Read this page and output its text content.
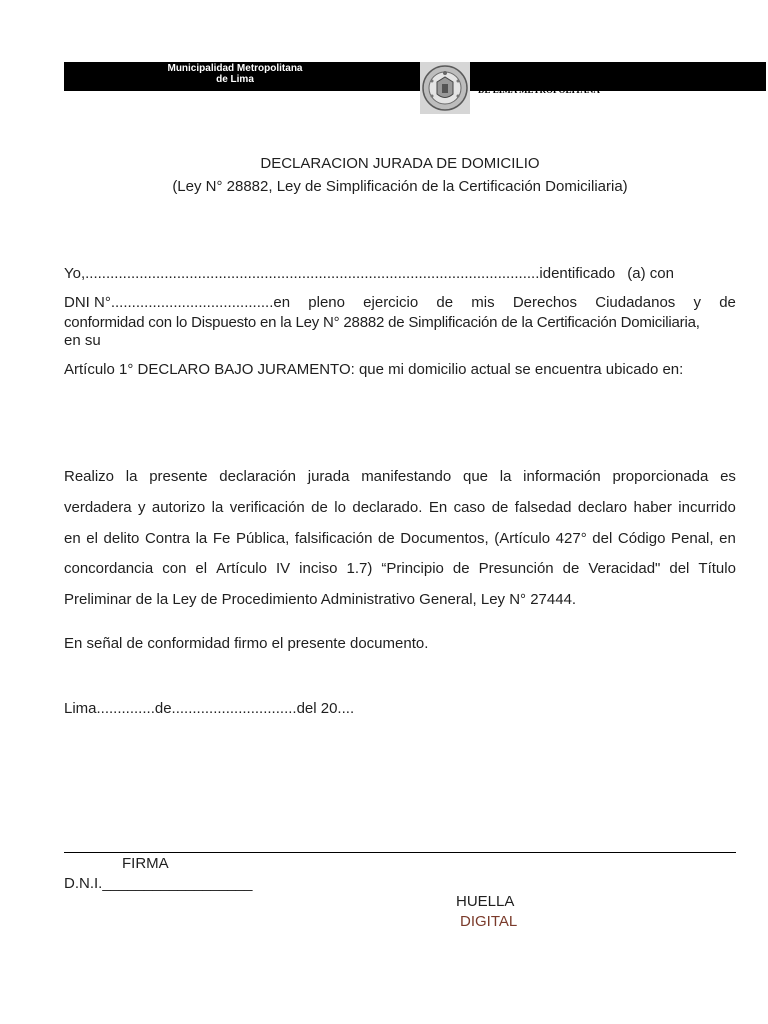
Municipalidad Metropolitana
de Lima
DE LIMA METROPOLITANA
DECLARACION JURADA DE DOMICILIO
(Ley N° 28882, Ley de Simplificación de la Certificación Domiciliaria)
Yo,.............................................................................................................identificado (a) con
DNI N°.......................................en pleno ejercicio de mis Derechos Ciudadanos y de
conformidad con lo Dispuesto en la Ley N° 28882 de Simplificación de la Certificación Domiciliaria,
en su
Artículo 1° DECLARO BAJO JURAMENTO: que mi domicilio actual se encuentra ubicado en:
Realizo la presente declaración jurada manifestando que la información proporcionada es
verdadera y autorizo la verificación de lo declarado. En caso de falsedad declaro haber incurrido
en el delito Contra la Fe Pública, falsificación de Documentos, (Artículo 427° del Código Penal, en
concordancia con el Artículo IV inciso 1.7) “Principio de Presunción de Veracidad" del Título
Preliminar de la Ley de Procedimiento Administrativo General, Ley N° 27444.
En señal de conformidad firmo el presente documento.
Lima..............de..............................del 20....
FIRMA
D.N.I.__________________
HUELLA
DIGITAL
